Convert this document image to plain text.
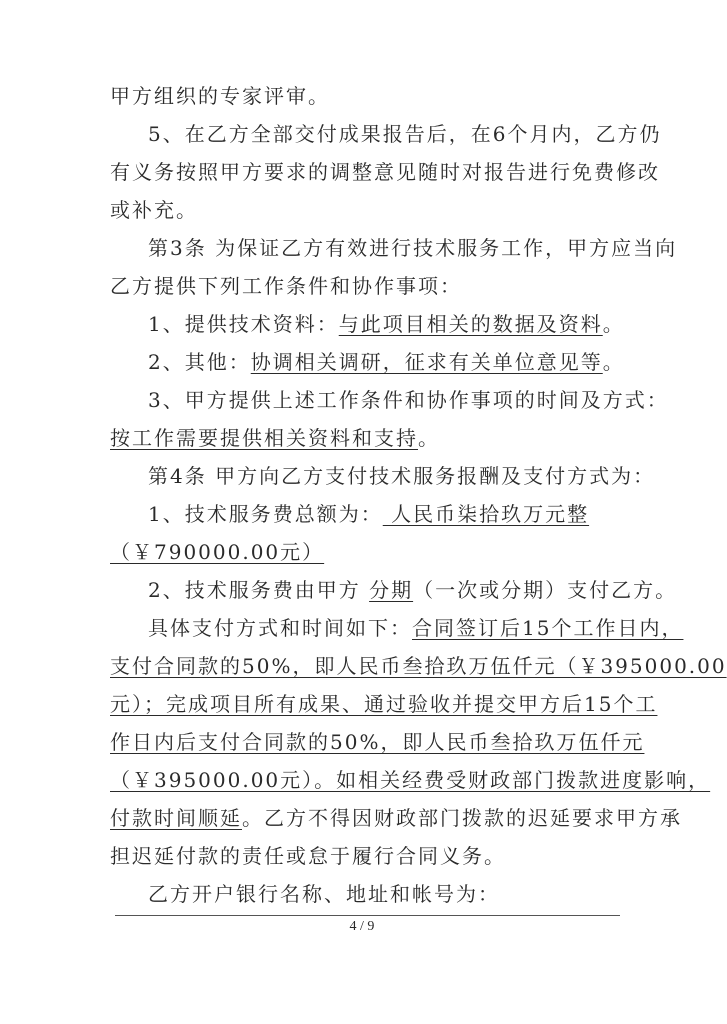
甲方组织的专家评审。
5、在乙方全部交付成果报告后，在6个月内，乙方仍
有义务按照甲方要求的调整意见随时对报告进行免费修改
或补充。
第3条 为保证乙方有效进行技术服务工作，甲方应当向
乙方提供下列工作条件和协作事项：
1、提供技术资料：与此项目相关的数据及资料。
2、其他：协调相关调研，征求有关单位意见等。
3、甲方提供上述工作条件和协作事项的时间及方式：
按工作需要提供相关资料和支持。
第4条 甲方向乙方支付技术服务报酬及支付方式为：
1、技术服务费总额为： 人民币柒拾玖万元整
（￥790000.00元）
2、技术服务费由甲方 分期（一次或分期）支付乙方。
具体支付方式和时间如下：合同签订后15个工作日内，
支付合同款的50%，即人民币叁拾玖万伍仟元（￥395000.00
元）；完成项目所有成果、通过验收并提交甲方后15个工
作日内后支付合同款的50%，即人民币叁拾玖万伍仟元
（￥395000.00元）。如相关经费受财政部门拨款进度影响，
付款时间顺延。乙方不得因财政部门拨款的迟延要求甲方承
担迟延付款的责任或怠于履行合同义务。
乙方开户银行名称、地址和帐号为：
4 / 9
